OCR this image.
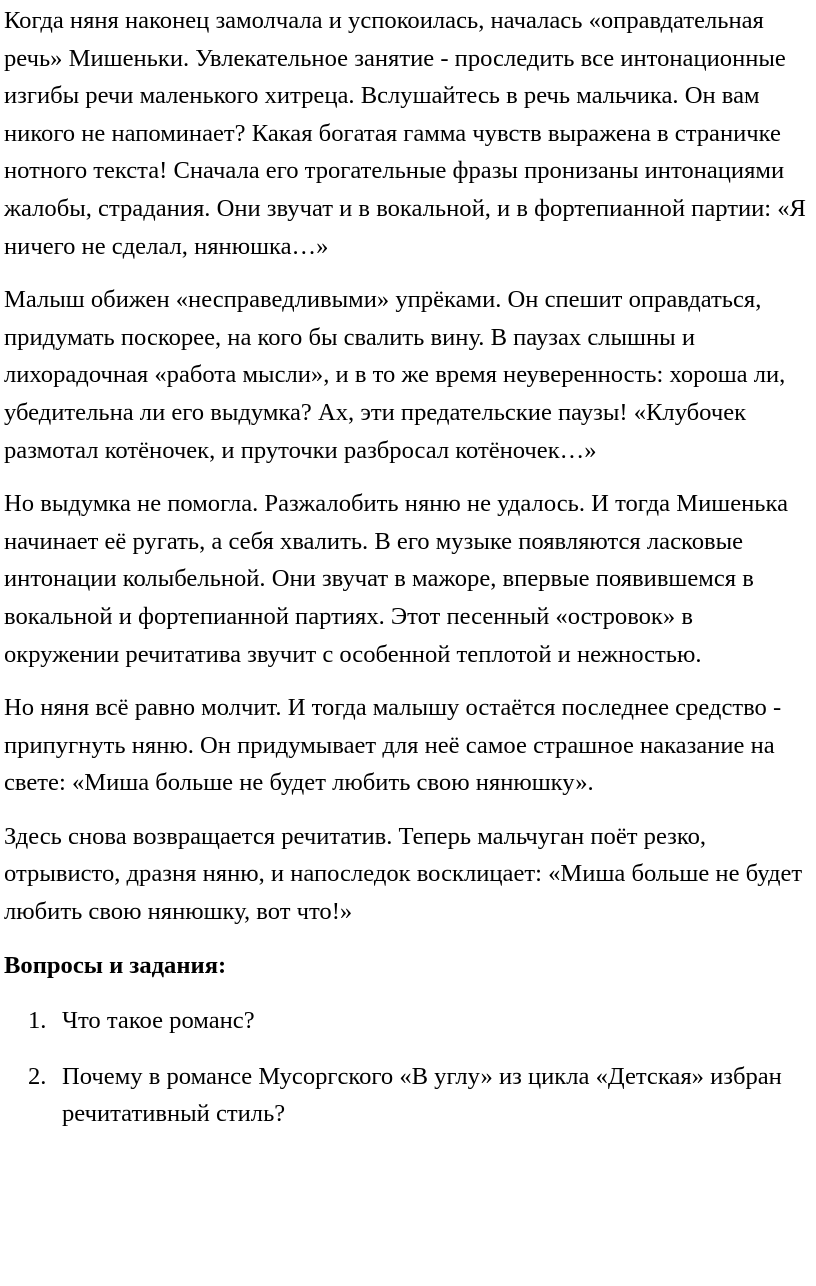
Когда няня наконец замолчала и успокоилась, началась «оправдательная речь» Мишеньки. Увлекательное занятие - проследить все интонационные изгибы речи маленького хитреца. Вслушайтесь в речь мальчика. Он вам никого не напоминает? Какая богатая гамма чувств выражена в страничке нотного текста! Сначала его трогательные фразы пронизаны интонациями жалобы, страдания. Они звучат и в вокальной, и в фортепианной партии: «Я ничего не сделал, нянюшка…»

Малыш обижен «несправедливыми» упрёками. Он спешит оправдаться, придумать поскорее, на кого бы свалить вину. В паузах слышны и лихорадочная «работа мысли», и в то же время неуверенность: хороша ли, убедительна ли его выдумка? Ах, эти предательские паузы! «Клубочек размотал котёночек, и пруточки разбросал котёночек…»

Но выдумка не помогла. Разжалобить няню не удалось. И тогда Мишенька начинает её ругать, а себя хвалить. В его музыке появляются ласковые интонации колыбельной. Они звучат в мажоре, впервые появившемся в вокальной и фортепианной партиях. Этот песенный «островок» в окружении речитатива звучит с особенной теплотой и нежностью.

Но няня всё равно молчит. И тогда малышу остаётся последнее средство - припугнуть няню. Он придумывает для неё самое страшное наказание на свете: «Миша больше не будет любить свою нянюшку».

Здесь снова возвращается речитатив. Теперь мальчуган поёт резко, отрывисто, дразня няню, и напоследок восклицает: «Миша больше не будет любить свою нянюшку, вот что!»

Вопросы и задания:

1. Что такое романс?
2. Почему в романсе Мусоргского «В углу» из цикла «Детская» избран речитативный стиль?
